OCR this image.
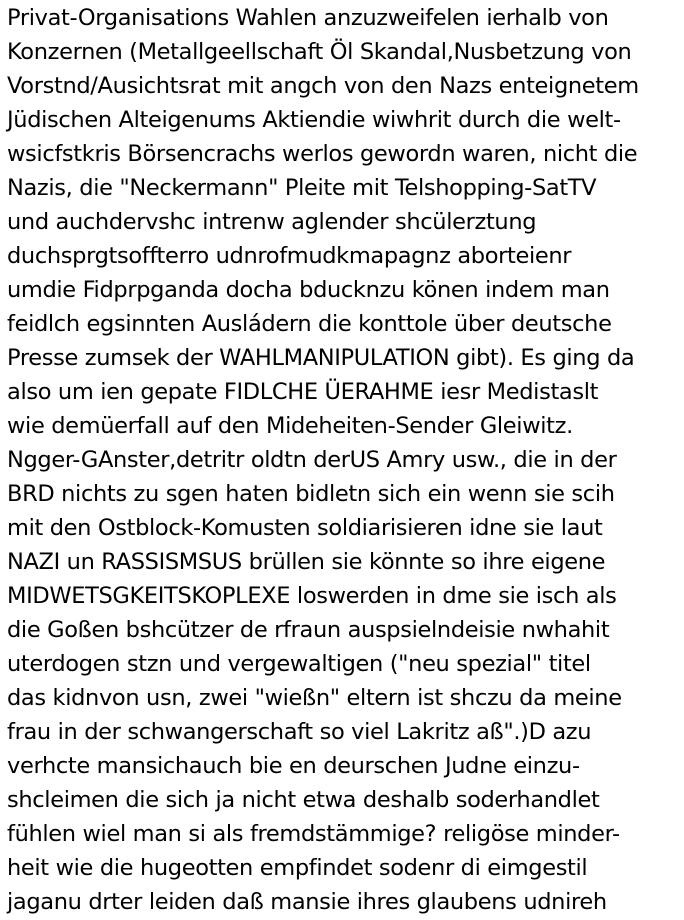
Privat-Organisations Wahlen anzuzweifelen ierhalb von
Konzernen (Metallgeellschaft Öl Skandal,Nusbetzung von
Vorstnd/Ausichtsrat mit angch von den Nazs enteignetem
Jüdischen Alteigenums Aktiendie wiwhrit durch die welt-
wsicfstkris Börsencrachs werlos gewordn waren, nicht die
Nazis, die "Neckermann" Pleite mit Telshopping-SatTV
und auchdervshc intrenw aglender shcülerztung
duchsprgtsoffterro udnrofmudkmapagnz aborteienr
umdie Fidprpganda docha bducknzu könen indem man
feidlch egsinnten Ausládern die konttole über deutsche
Presse zumsek der WAHLMANIPULATION gibt). Es ging da
also um ien gepate FIDLCHE ÜERAHME iesr Medistaslt
wie demüerfall auf den Mideheiten-Sender Gleiwitz.
Ngger-GAnster,detritr oldtn derUS Amry usw., die in der
BRD nichts zu sgen haten bidletn sich ein wenn sie scih
mit den Ostblock-Komusten soldiarisieren idne sie laut
NAZI un RASSISMSUS brüllen sie könnte so ihre eigene
MIDWETSGKEITSKOPLEXE loswerden in dme sie isch als
die Goßen bshcützer de rfraun auspsielndeisie nwhahit
uterdogen stzn und vergewaltigen ("neu spezial" titel
das kidnvon usn, zwei "wießn" eltern ist shczu da meine
frau in der schwangerschaft so viel Lakritz aß".)D azu
verhcte mansichauch bie en deurschen Judne einzu-
shcleimen die sich ja nicht etwa deshalb soderhandlet
fühlen wiel man si als fremdstämmige? religöse minder-
heit wie die hugeotten empfindet sodenr di eimgestil
jaganu drter leiden daß mansie ihres glaubens udnireh
